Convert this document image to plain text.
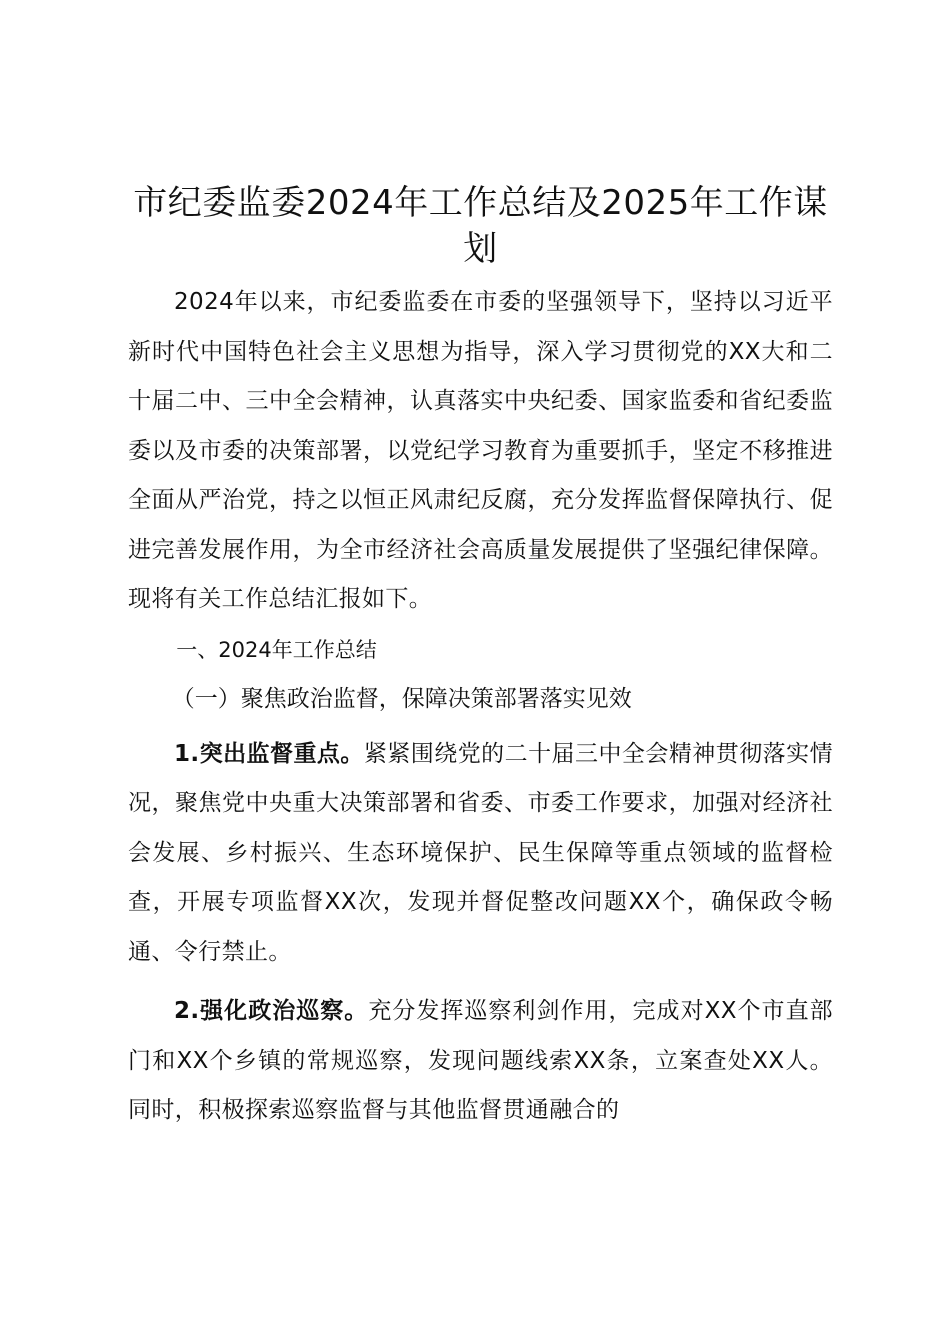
市纪委监委2024年工作总结及2025年工作谋划

2024年以来，市纪委监委在市委的坚强领导下，坚持以习近平新时代中国特色社会主义思想为指导，深入学习贯彻党的XX大和二十届二中、三中全会精神，认真落实中央纪委、国家监委和省纪委监委以及市委的决策部署，以党纪学习教育为重要抓手，坚定不移推进全面从严治党，持之以恒正风肃纪反腐，充分发挥监督保障执行、促进完善发展作用，为全市经济社会高质量发展提供了坚强纪律保障。现将有关工作总结汇报如下。

一、2024年工作总结
（一）聚焦政治监督，保障决策部署落实见效

1.突出监督重点。紧紧围绕党的二十届三中全会精神贯彻落实情况，聚焦党中央重大决策部署和省委、市委工作要求，加强对经济社会发展、乡村振兴、生态环境保护、民生保障等重点领域的监督检查，开展专项监督XX次，发现并督促整改问题XX个，确保政令畅通、令行禁止。

2.强化政治巡察。充分发挥巡察利剑作用，完成对XX个市直部门和XX个乡镇的常规巡察，发现问题线索XX条，立案查处XX人。同时，积极探索巡察监督与其他监督贯通融合的
